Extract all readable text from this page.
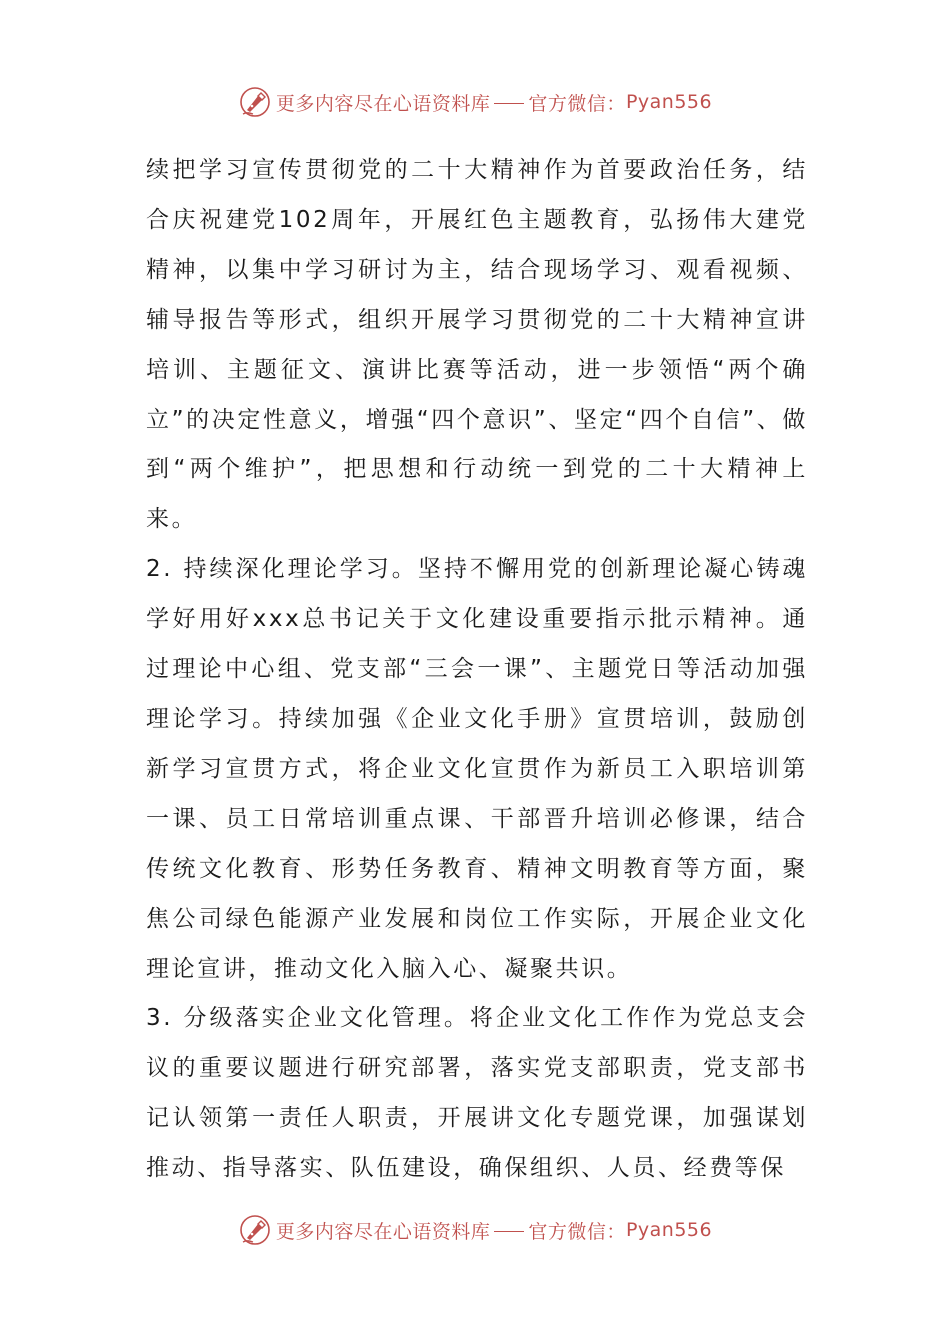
更多内容尽在心语资料库 官方微信： Pyan556

续把学习宣传贯彻党的二十大精神作为首要政治任务，结合庆祝建党102周年，开展红色主题教育，弘扬伟大建党精神，以集中学习研讨为主，结合现场学习、观看视频、辅导报告等形式，组织开展学习贯彻党的二十大精神宣讲培训、主题征文、演讲比赛等活动，进一步领悟“两个确立”的决定性意义，增强“四个意识”、坚定“四个自信”、做到“两个维护”，把思想和行动统一到党的二十大精神上来。

2. 持续深化理论学习。坚持不懈用党的创新理论凝心铸魂学好用好xxx总书记关于文化建设重要指示批示精神。通过理论中心组、党支部“三会一课”、主题党日等活动加强理论学习。持续加强《企业文化手册》宣贯培训，鼓励创新学习宣贯方式，将企业文化宣贯作为新员工入职培训第一课、员工日常培训重点课、干部晋升培训必修课，结合传统文化教育、形势任务教育、精神文明教育等方面，聚焦公司绿色能源产业发展和岗位工作实际，开展企业文化理论宣讲，推动文化入脑入心、凝聚共识。

3. 分级落实企业文化管理。将企业文化工作作为党总支会议的重要议题进行研究部署，落实党支部职责，党支部书记认领第一责任人职责，开展讲文化专题党课，加强谋划推动、指导落实、队伍建设，确保组织、人员、经费等保

更多内容尽在心语资料库 官方微信： Pyan556
